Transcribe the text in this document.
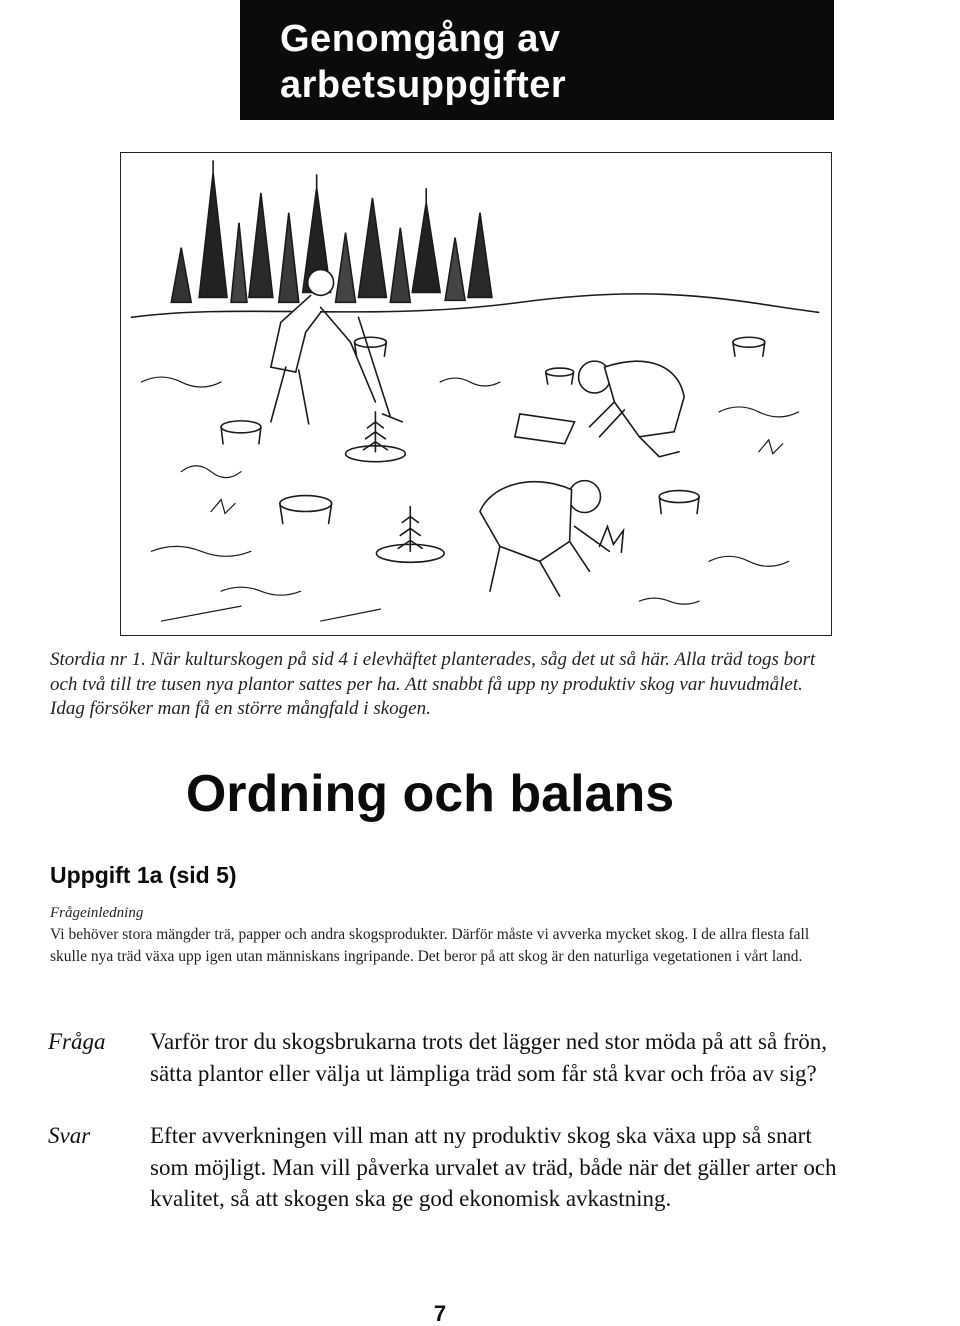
Genomgång av arbetsuppgifter
Stordia nr 1. När kulturskogen på sid 4 i elevhäftet planterades, såg det ut så här. Alla träd togs bort och två till tre tusen nya plantor sattes per ha. Att snabbt få upp ny produktiv skog var huvudmålet. Idag försöker man få en större mångfald i skogen.
Ordning och balans
Uppgift 1a (sid 5)
Frågeinledning
Vi behöver stora mängder trä, papper och andra skogsprodukter. Därför måste vi avverka mycket skog. I de allra flesta fall skulle nya träd växa upp igen utan människans ingripande. Det beror på att skog är den naturliga vegetationen i vårt land.
Fråga	Varför tror du skogsbrukarna trots det lägger ned stor möda på att så frön, sätta plantor eller välja ut lämpliga träd som får stå kvar och fröa av sig?
Svar	Efter avverkningen vill man att ny produktiv skog ska växa upp så snart som möjligt. Man vill påverka urvalet av träd, både när det gäller arter och kvalitet, så att skogen ska ge god ekonomisk avkastning.
7
